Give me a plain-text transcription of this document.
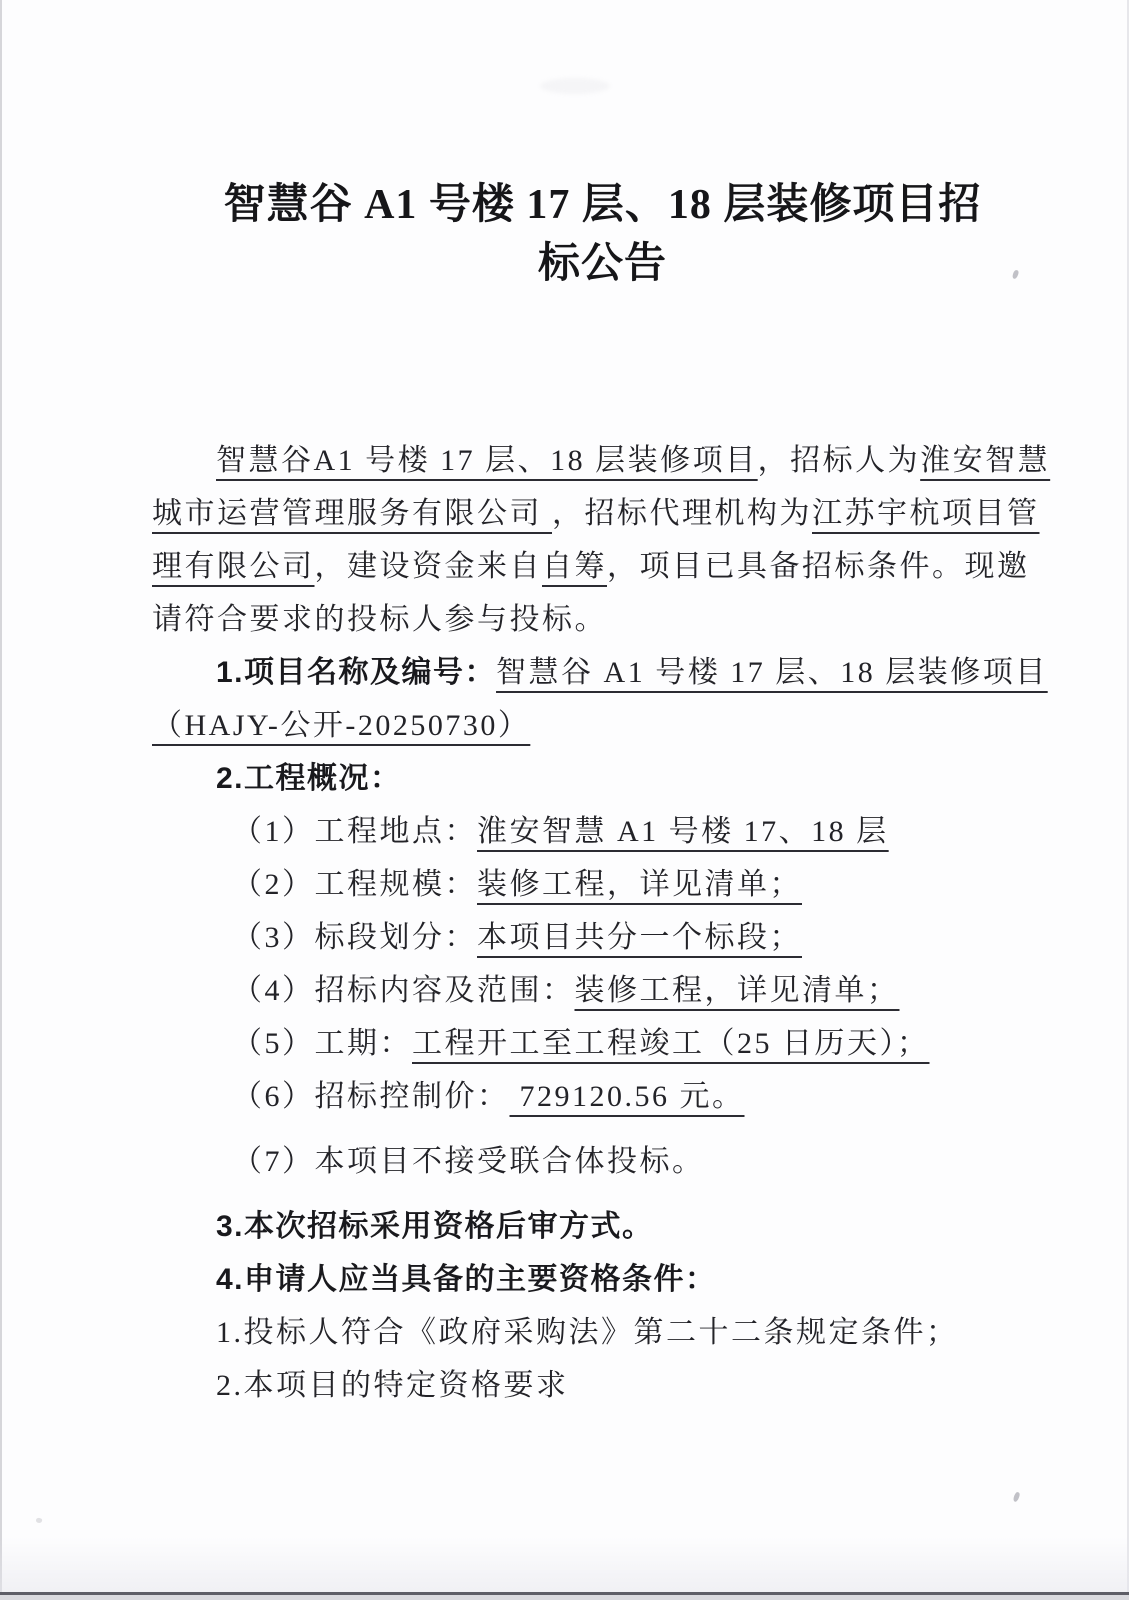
智慧谷 A1 号楼 17 层、18 层装修项目招
标公告
智慧谷A1 号楼 17 层、18 层装修项目，招标人为淮安智慧
城市运营管理服务有限公司 ，招标代理机构为江苏宇杭项目管
理有限公司，建设资金来自自筹，项目已具备招标条件。现邀
请符合要求的投标人参与投标。
1.项目名称及编号：智慧谷 A1 号楼 17 层、18 层装修项目
（HAJY-公开-20250730）
2.工程概况：
（1）工程地点：淮安智慧 A1 号楼 17、18 层
（2）工程规模：装修工程，详见清单；
（3）标段划分：本项目共分一个标段；
（4）招标内容及范围：装修工程，详见清单；
（5）工期：工程开工至工程竣工（25 日历天）；
（6）招标控制价： 729120.56 元。
（7）本项目不接受联合体投标。
3.本次招标采用资格后审方式。
4.申请人应当具备的主要资格条件：
1.投标人符合《政府采购法》第二十二条规定条件；
2.本项目的特定资格要求
